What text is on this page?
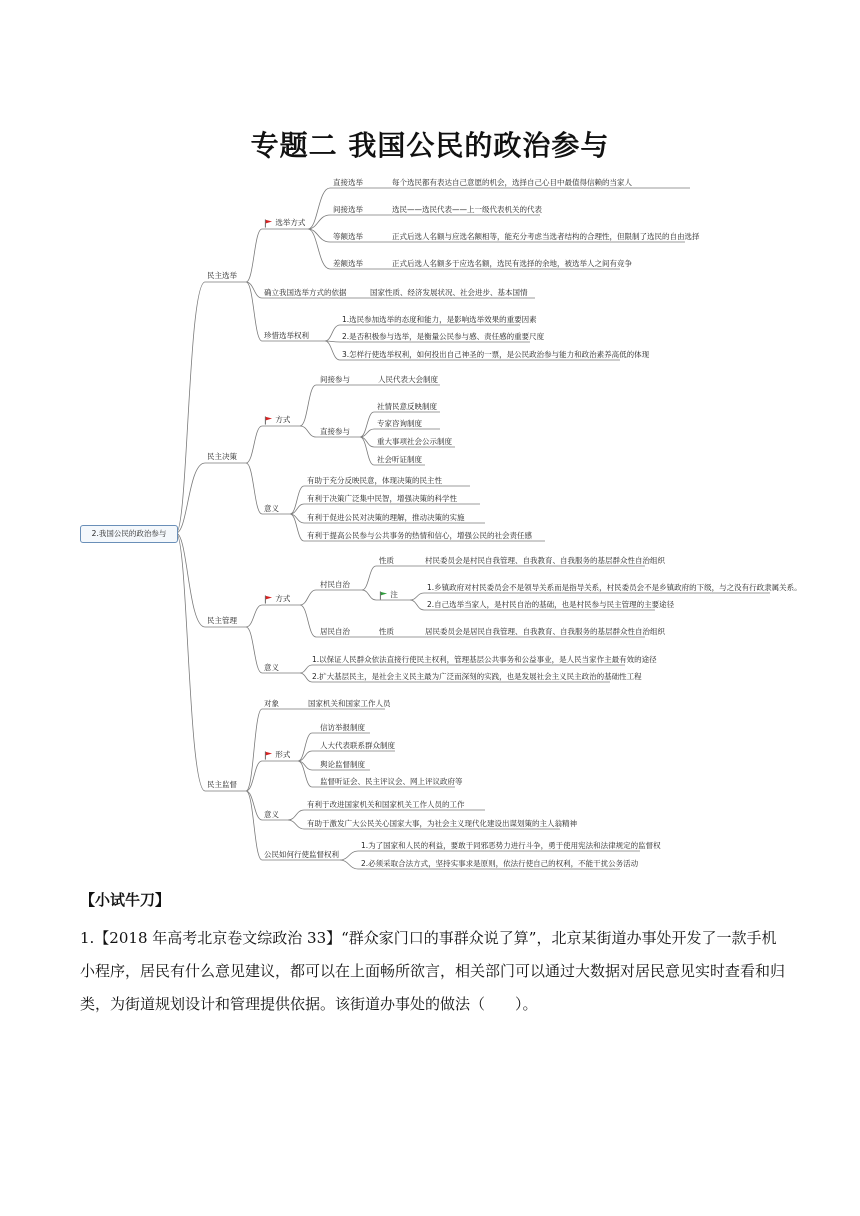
专题二 我国公民的政治参与
2.我国公民的政治参与
民主选举
选举方式
直接选举	每个选民都有表达自己意愿的机会，选择自己心目中最值得信赖的当家人
间接选举	选民——选民代表——上一级代表机关的代表
等额选举	正式后选人名额与应选名额相等，能充分考虑当选者结构的合理性，但限制了选民的自由选择
差额选举	正式后选人名额多于应选名额，选民有选择的余地，被选举人之间有竞争
确立我国选举方式的依据	国家性质、经济发展状况、社会进步、基本国情
珍惜选举权利
1.选民参加选举的态度和能力，是影响选举效果的重要因素
2.是否积极参与选举，是衡量公民参与感、责任感的重要尺度
3.怎样行使选举权利，如何投出自己神圣的一票，是公民政治参与能力和政治素养高低的体现
民主决策
方式
间接参与	人民代表大会制度
直接参与
社情民意反映制度
专家咨询制度
重大事项社会公示制度
社会听证制度
意义
有助于充分反映民意，体现决策的民主性
有利于决策广泛集中民智，增强决策的科学性
有利于促进公民对决策的理解，推动决策的实施
有利于提高公民参与公共事务的热情和信心，增强公民的社会责任感
民主管理
方式
村民自治
性质	村民委员会是村民自我管理、自我教育、自我服务的基层群众性自治组织
注
1.乡镇政府对村民委员会不是领导关系而是指导关系，村民委员会不是乡镇政府的下级，与之没有行政隶属关系。
2.自己选举当家人，是村民自治的基础，也是村民参与民主管理的主要途径
居民自治	性质	居民委员会是居民自我管理、自我教育、自我服务的基层群众性自治组织
意义
1.以保证人民群众依法直接行使民主权利，管理基层公共事务和公益事业，是人民当家作主最有效的途径
2.扩大基层民主，是社会主义民主最为广泛而深刻的实践，也是发展社会主义民主政治的基础性工程
民主监督
对象	国家机关和国家工作人员
形式
信访举报制度
人大代表联系群众制度
舆论监督制度
监督听证会、民主评议会、网上评议政府等
意义
有利于改进国家机关和国家机关工作人员的工作
有助于激发广大公民关心国家大事，为社会主义现代化建设出谋划策的主人翁精神
公民如何行使监督权利
1.为了国家和人民的利益，要敢于同邪恶势力进行斗争，勇于使用宪法和法律规定的监督权
2.必须采取合法方式，坚持实事求是原则，依法行使自己的权利，不能干扰公务活动
【小试牛刀】
1.【2018 年高考北京卷文综政治 33】“群众家门口的事群众说了算”，北京某街道办事处开发了一款手机小程序，居民有什么意见建议，都可以在上面畅所欲言，相关部门可以通过大数据对居民意见实时查看和归类，为街道规划设计和管理提供依据。该街道办事处的做法（　　）。
